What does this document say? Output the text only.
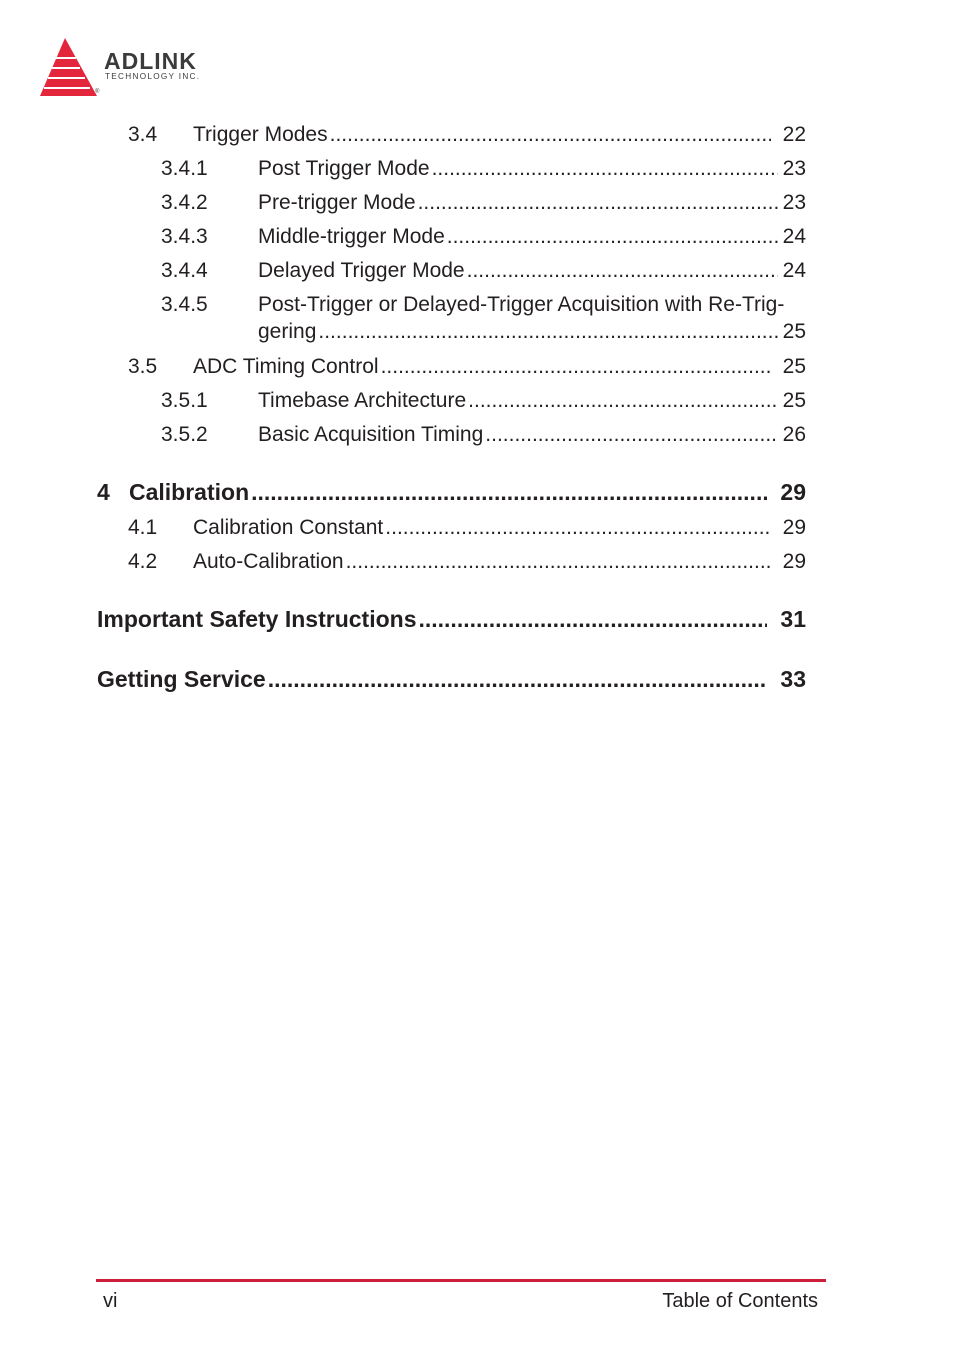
ADLINK
TECHNOLOGY INC.
®
3.4 Trigger Modes .....	22
3.4.1 Post Trigger Mode .....	23
3.4.2 Pre-trigger Mode .....	23
3.4.3 Middle-trigger Mode .....	24
3.4.4 Delayed Trigger Mode .....	24
3.4.5 Post-Trigger or Delayed-Trigger Acquisition with Re-Trig-
gering .....	25
3.5 ADC Timing Control .....	25
3.5.1 Timebase Architecture .....	25
3.5.2 Basic Acquisition Timing .....	26
4 Calibration .....	29
4.1 Calibration Constant .....	29
4.2 Auto-Calibration .....	29
Important Safety Instructions .....	31
Getting Service .....	33
vi	Table of Contents
